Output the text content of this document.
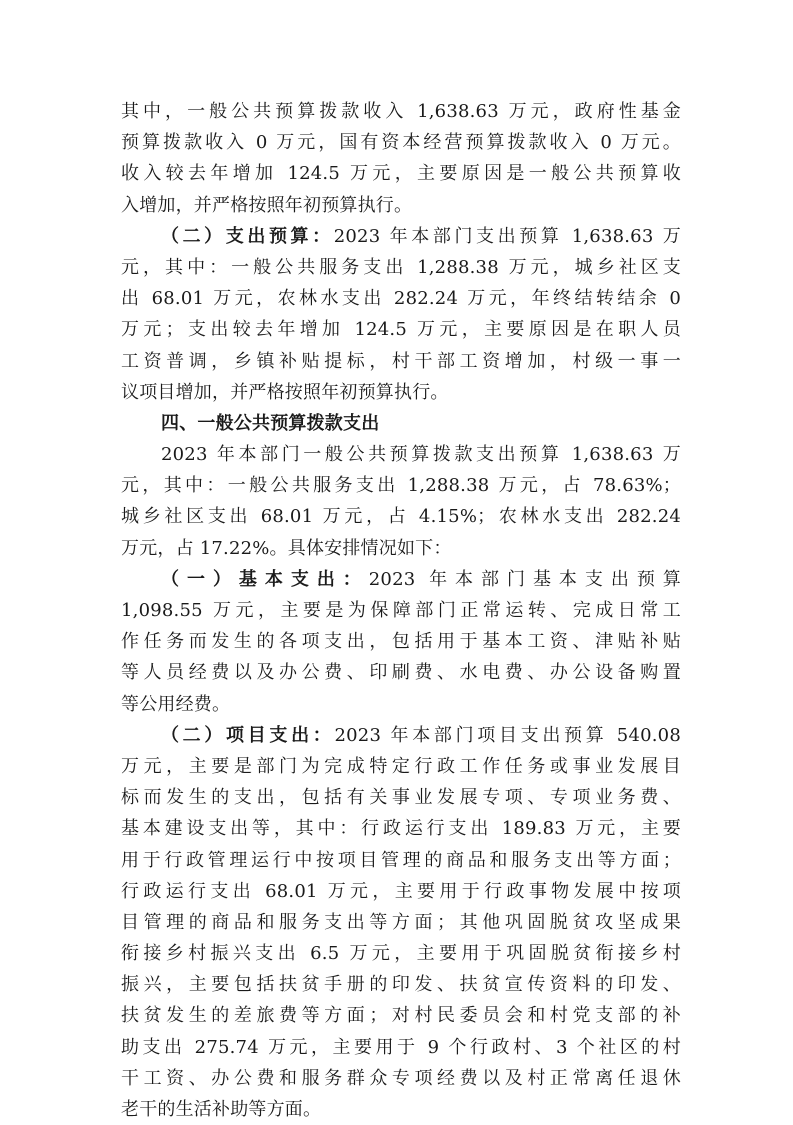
其中，一般公共预算拨款收入 1,638.63 万元，政府性基金
预算拨款收入 0 万元，国有资本经营预算拨款收入 0 万元。
收入较去年增加 124.5 万元，主要原因是一般公共预算收
入增加，并严格按照年初预算执行。
（二）支出预算：2023 年本部门支出预算 1,638.63 万
元，其中：一般公共服务支出 1,288.38 万元，城乡社区支
出 68.01 万元，农林水支出 282.24 万元，年终结转结余 0
万元；支出较去年增加 124.5 万元，主要原因是在职人员
工资普调，乡镇补贴提标，村干部工资增加，村级一事一
议项目增加，并严格按照年初预算执行。
四、一般公共预算拨款支出
2023 年本部门一般公共预算拨款支出预算 1,638.63 万
元，其中：一般公共服务支出 1,288.38 万元，占 78.63%；
城乡社区支出 68.01 万元，占 4.15%；农林水支出 282.24
万元，占 17.22%。具体安排情况如下：
（一）基本支出：2023 年本部门基本支出预算
1,098.55 万元，主要是为保障部门正常运转、完成日常工
作任务而发生的各项支出，包括用于基本工资、津贴补贴
等人员经费以及办公费、印刷费、水电费、办公设备购置
等公用经费。
（二）项目支出：2023 年本部门项目支出预算 540.08
万元，主要是部门为完成特定行政工作任务或事业发展目
标而发生的支出，包括有关事业发展专项、专项业务费、
基本建设支出等，其中：行政运行支出 189.83 万元，主要
用于行政管理运行中按项目管理的商品和服务支出等方面；
行政运行支出 68.01 万元，主要用于行政事物发展中按项
目管理的商品和服务支出等方面；其他巩固脱贫攻坚成果
衔接乡村振兴支出 6.5 万元，主要用于巩固脱贫衔接乡村
振兴，主要包括扶贫手册的印发、扶贫宣传资料的印发、
扶贫发生的差旅费等方面；对村民委员会和村党支部的补
助支出 275.74 万元，主要用于 9 个行政村、3 个社区的村
干工资、办公费和服务群众专项经费以及村正常离任退休
老干的生活补助等方面。
